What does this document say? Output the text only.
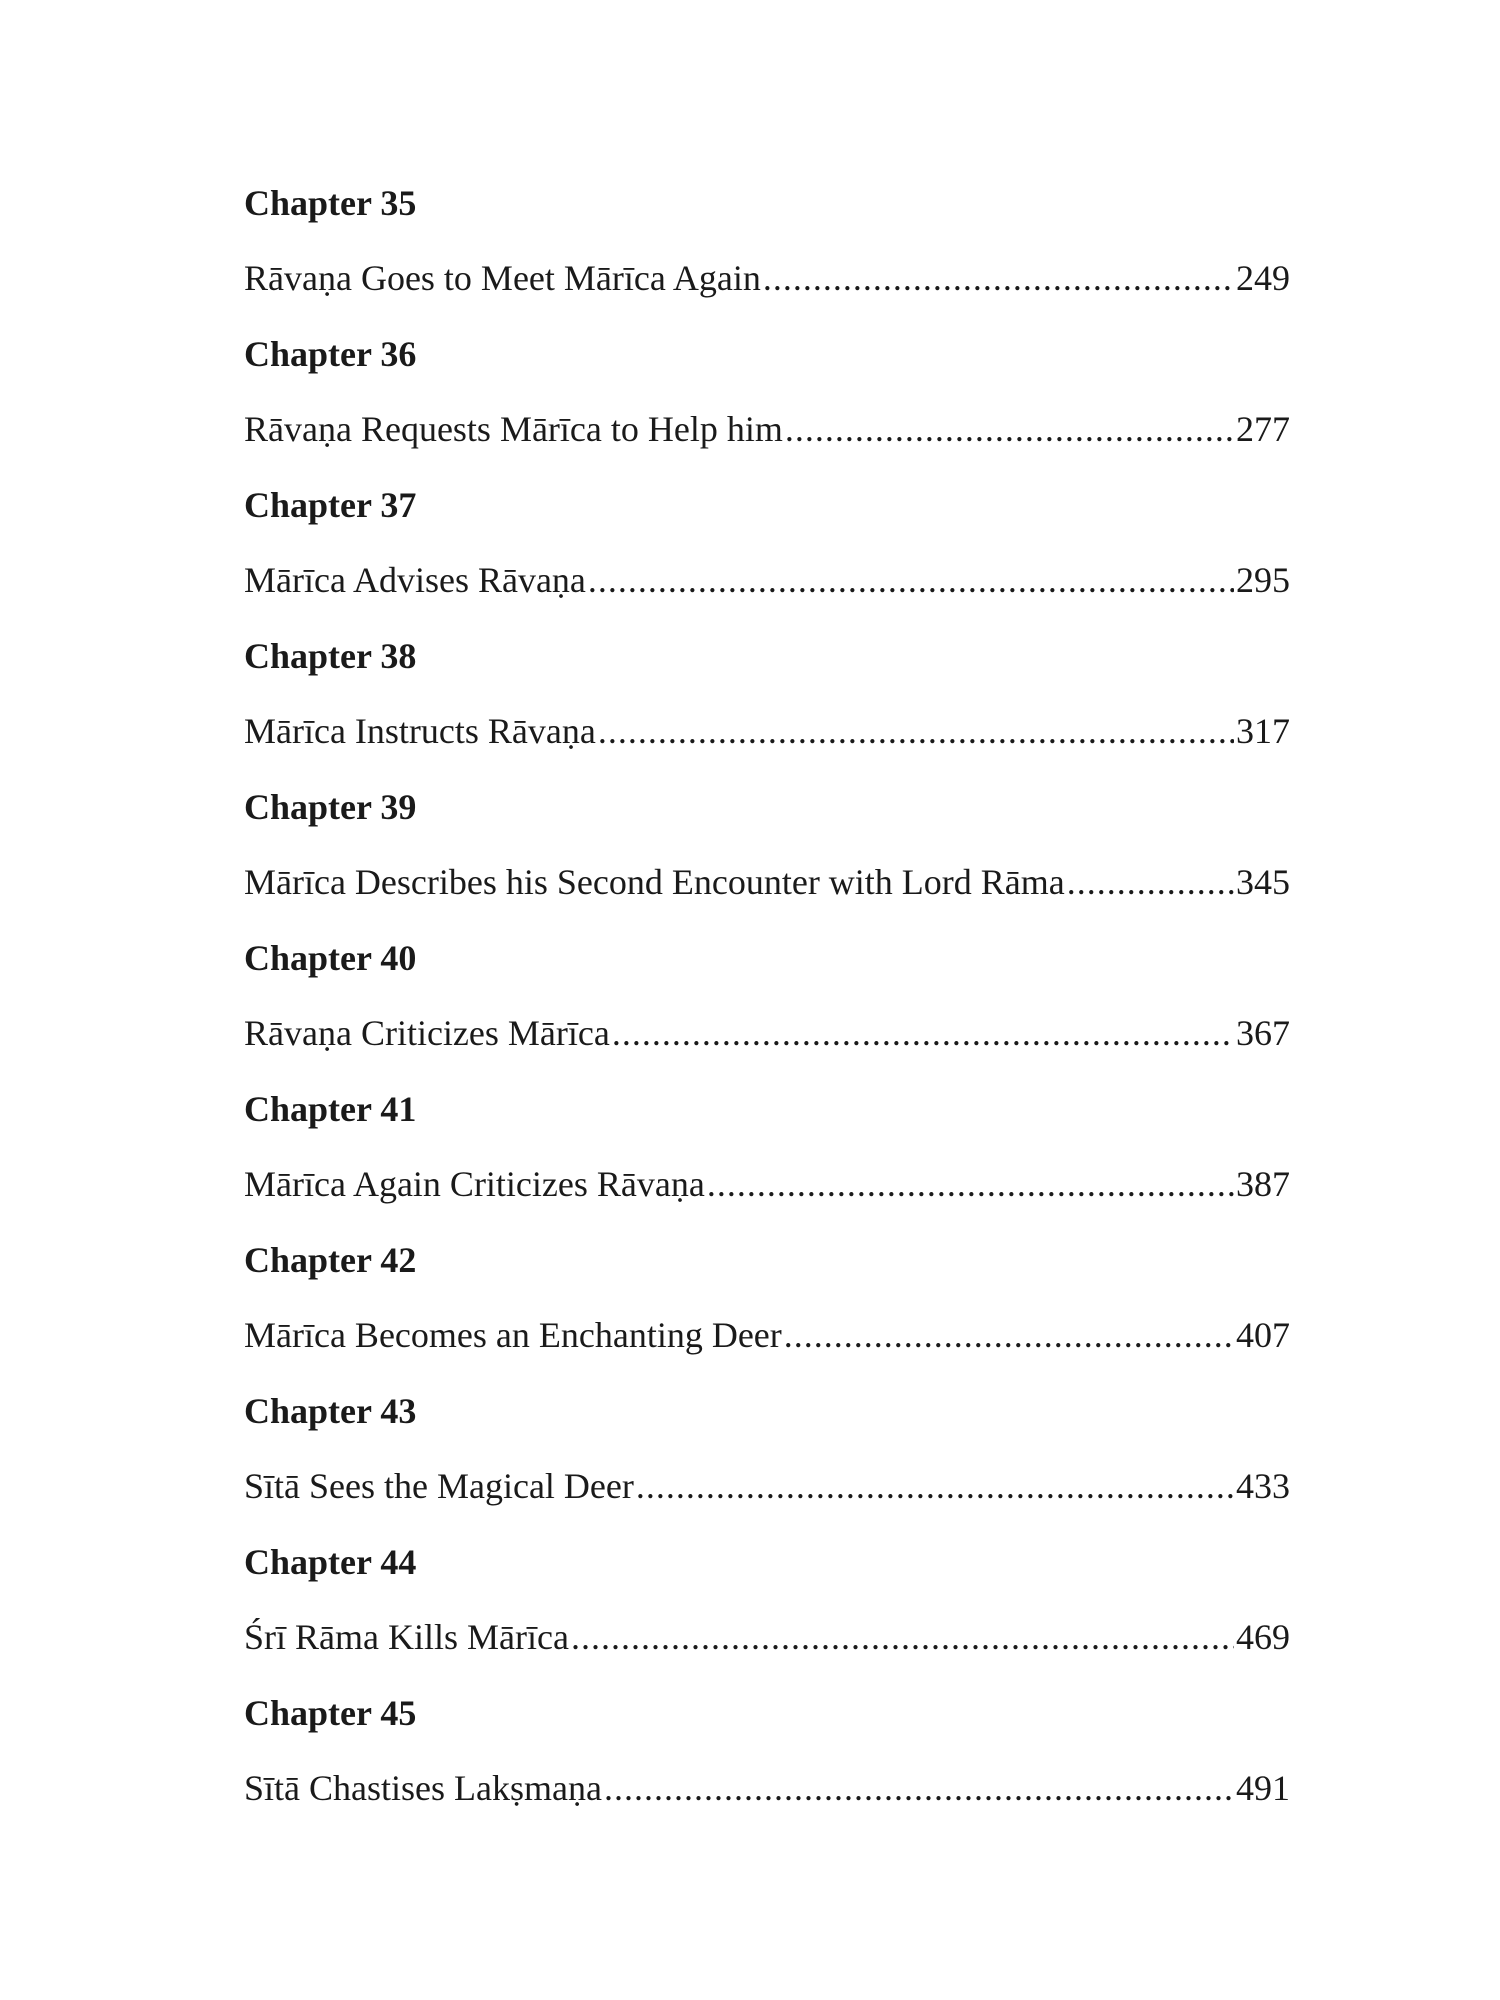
Chapter 35
Rāvaṇa Goes to Meet Mārīca Again .....	249
Chapter 36
Rāvaṇa Requests Mārīca to Help him .....	277
Chapter 37
Mārīca Advises Rāvaṇa .....	295
Chapter 38
Mārīca Instructs Rāvaṇa .....	317
Chapter 39
Mārīca Describes his Second Encounter with Lord Rāma .....	345
Chapter 40
Rāvaṇa Criticizes Mārīca .....	367
Chapter 41
Mārīca Again Criticizes Rāvaṇa .....	387
Chapter 42
Mārīca Becomes an Enchanting Deer .....	407
Chapter 43
Sītā Sees the Magical Deer .....	433
Chapter 44
Śrī Rāma Kills Mārīca .....	469
Chapter 45
Sītā Chastises Lakṣmaṇa .....	491
